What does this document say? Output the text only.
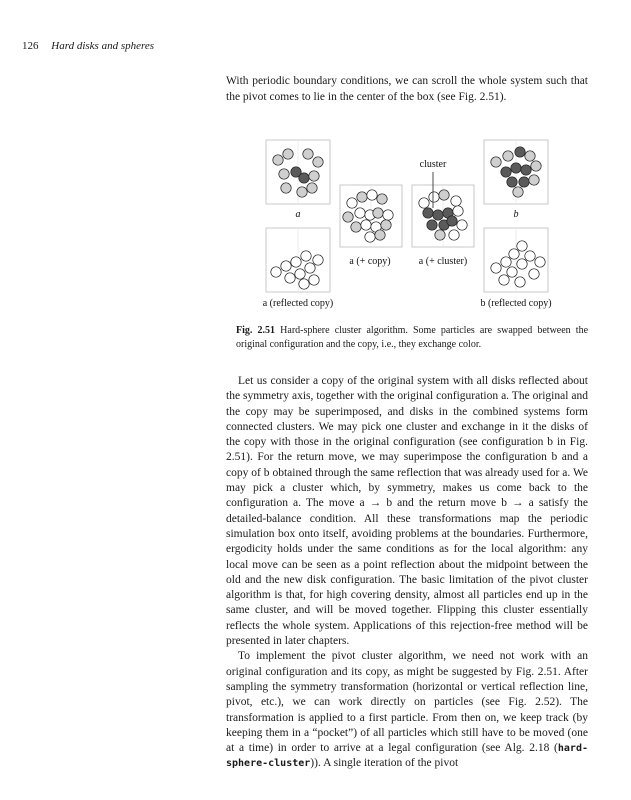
126 Hard disks and spheres

With periodic boundary conditions, we can scroll the whole system such that the pivot comes to lie in the center of the box (see Fig. 2.51).

cluster
a	b
a (+ copy)	a (+ cluster)
a (reflected copy)	b (reflected copy)

Fig. 2.51 Hard-sphere cluster algorithm. Some particles are swapped between the original configuration and the copy, i.e., they exchange color.

Let us consider a copy of the original system with all disks reflected about the symmetry axis, together with the original configuration a. The original and the copy may be superimposed, and disks in the combined systems form connected clusters. We may pick one cluster and exchange in it the disks of the copy with those in the original configuration (see configuration b in Fig. 2.51). For the return move, we may superimpose the configuration b and a copy of b obtained through the same reflection that was already used for a. We may pick a cluster which, by symmetry, makes us come back to the configuration a. The move a → b and the return move b → a satisfy the detailed-balance condition. All these transformations map the periodic simulation box onto itself, avoiding problems at the boundaries. Furthermore, ergodicity holds under the same conditions as for the local algorithm: any local move can be seen as a point reflection about the midpoint between the old and the new disk configuration. The basic limitation of the pivot cluster algorithm is that, for high covering density, almost all particles end up in the same cluster, and will be moved together. Flipping this cluster essentially reflects the whole system. Applications of this rejection-free method will be presented in later chapters.

To implement the pivot cluster algorithm, we need not work with an original configuration and its copy, as might be suggested by Fig. 2.51. After sampling the symmetry transformation (horizontal or vertical reflection line, pivot, etc.), we can work directly on particles (see Fig. 2.52). The transformation is applied to a first particle. From then on, we keep track (by keeping them in a “pocket”) of all particles which still have to be moved (one at a time) in order to arrive at a legal configuration (see Alg. 2.18 (hard-sphere-cluster)). A single iteration of the pivot
